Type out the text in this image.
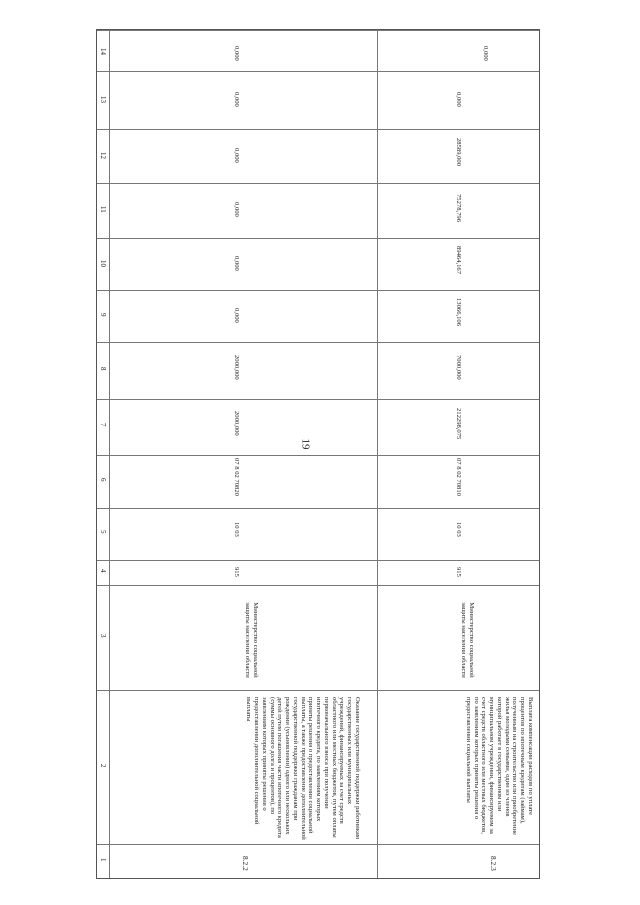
19
14
13
12
11
10
9
8
7
6
5
4
3
2
1
0,000
0,000
0,000
0,000
0,000
0,000
2000,000
2000,000
07 8 02 70820
10 03
915
Министерство социальной защиты населения области
Оказание государственной поддержки работникам государственных или муниципальных учреждений, финансируемых за счет средств областного или местных бюджетов, путем оплаты первоначального взноса при получении ипотечного кредита, по заявлениям которых приняты решения о предоставлении социальной выплаты, а также предоставление дополнительной государственной поддержки гражданам при рождении (усыновлении) одного или нескольких детей путем погашения части ипотечного кредита (суммы основного долга и процентов), по заявлениям которых приняты решения о предоставлении дополнительной социальной выплаты
8.2.2
0,000
0,000
28589,000
75278,796
89464,167
13066,106
7000,000
212298,075
07 8 02 70810
10 03
915
Министерство социальной защиты населения области
Выплата компенсации расходов по уплате процентов по ипотечным кредитам (займам), полученным на строительство или приобретение жилья молодыми семьями, один из членов которой работает в государственном или муниципальном учреждении, финансируемом за счет средств областного или местных бюджетов, по заявлениям которых приняты решения о предоставлении социальной выплаты
8.2.3
